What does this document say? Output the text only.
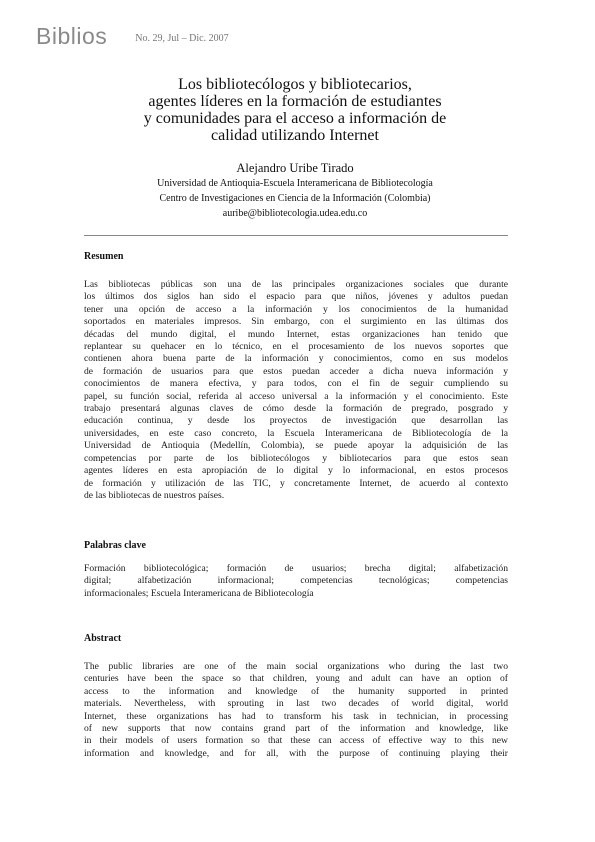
Biblios	No. 29, Jul – Dic. 2007
Los bibliotecólogos y bibliotecarios,
agentes líderes en la formación de estudiantes
y comunidades para el acceso a información de
calidad utilizando Internet
Alejandro Uribe Tirado
Universidad de Antioquia-Escuela Interamericana de Bibliotecología
Centro de Investigaciones en Ciencia de la Información (Colombia)
auribe@bibliotecologia.udea.edu.co
Resumen
Las bibliotecas públicas son una de las principales organizaciones sociales que durante
los últimos dos siglos han sido el espacio para que niños, jóvenes y adultos puedan
tener una opción de acceso a la información y los conocimientos de la humanidad
soportados en materiales impresos. Sin embargo, con el surgimiento en las últimas dos
décadas del mundo digital, el mundo Internet, estas organizaciones han tenido que
replantear su quehacer en lo técnico, en el procesamiento de los nuevos soportes que
contienen ahora buena parte de la información y conocimientos, como en sus modelos
de formación de usuarios para que estos puedan acceder a dicha nueva información y
conocimientos de manera efectiva, y para todos, con el fin de seguir cumpliendo su
papel, su función social, referida al acceso universal a la información y el conocimiento. Este
trabajo presentará algunas claves de cómo desde la formación de pregrado, posgrado y
educación continua, y desde los proyectos de investigación que desarrollan las
universidades, en este caso concreto, la Escuela Interamericana de Bibliotecología de la
Universidad de Antioquia (Medellín, Colombia), se puede apoyar la adquisición de las
competencias por parte de los bibliotecólogos y bibliotecarios para que estos sean
agentes líderes en esta apropiación de lo digital y lo informacional, en estos procesos
de formación y utilización de las TIC, y concretamente Internet, de acuerdo al contexto
de las bibliotecas de nuestros países.
Palabras clave
Formación bibliotecológica; formación de usuarios; brecha digital; alfabetización
digital; alfabetización informacional; competencias tecnológicas; competencias
informacionales; Escuela Interamericana de Bibliotecología
Abstract
The public libraries are one of the main social organizations who during the last two
centuries have been the space so that children, young and adult can have an option of
access to the information and knowledge of the humanity supported in printed
materials. Nevertheless, with sprouting in last two decades of world digital, world
Internet, these organizations has had to transform his task in technician, in processing
of new supports that now contains grand part of the information and knowledge, like
in their models of users formation so that these can access of effective way to this new
information and knowledge, and for all, with the purpose of continuing playing their
